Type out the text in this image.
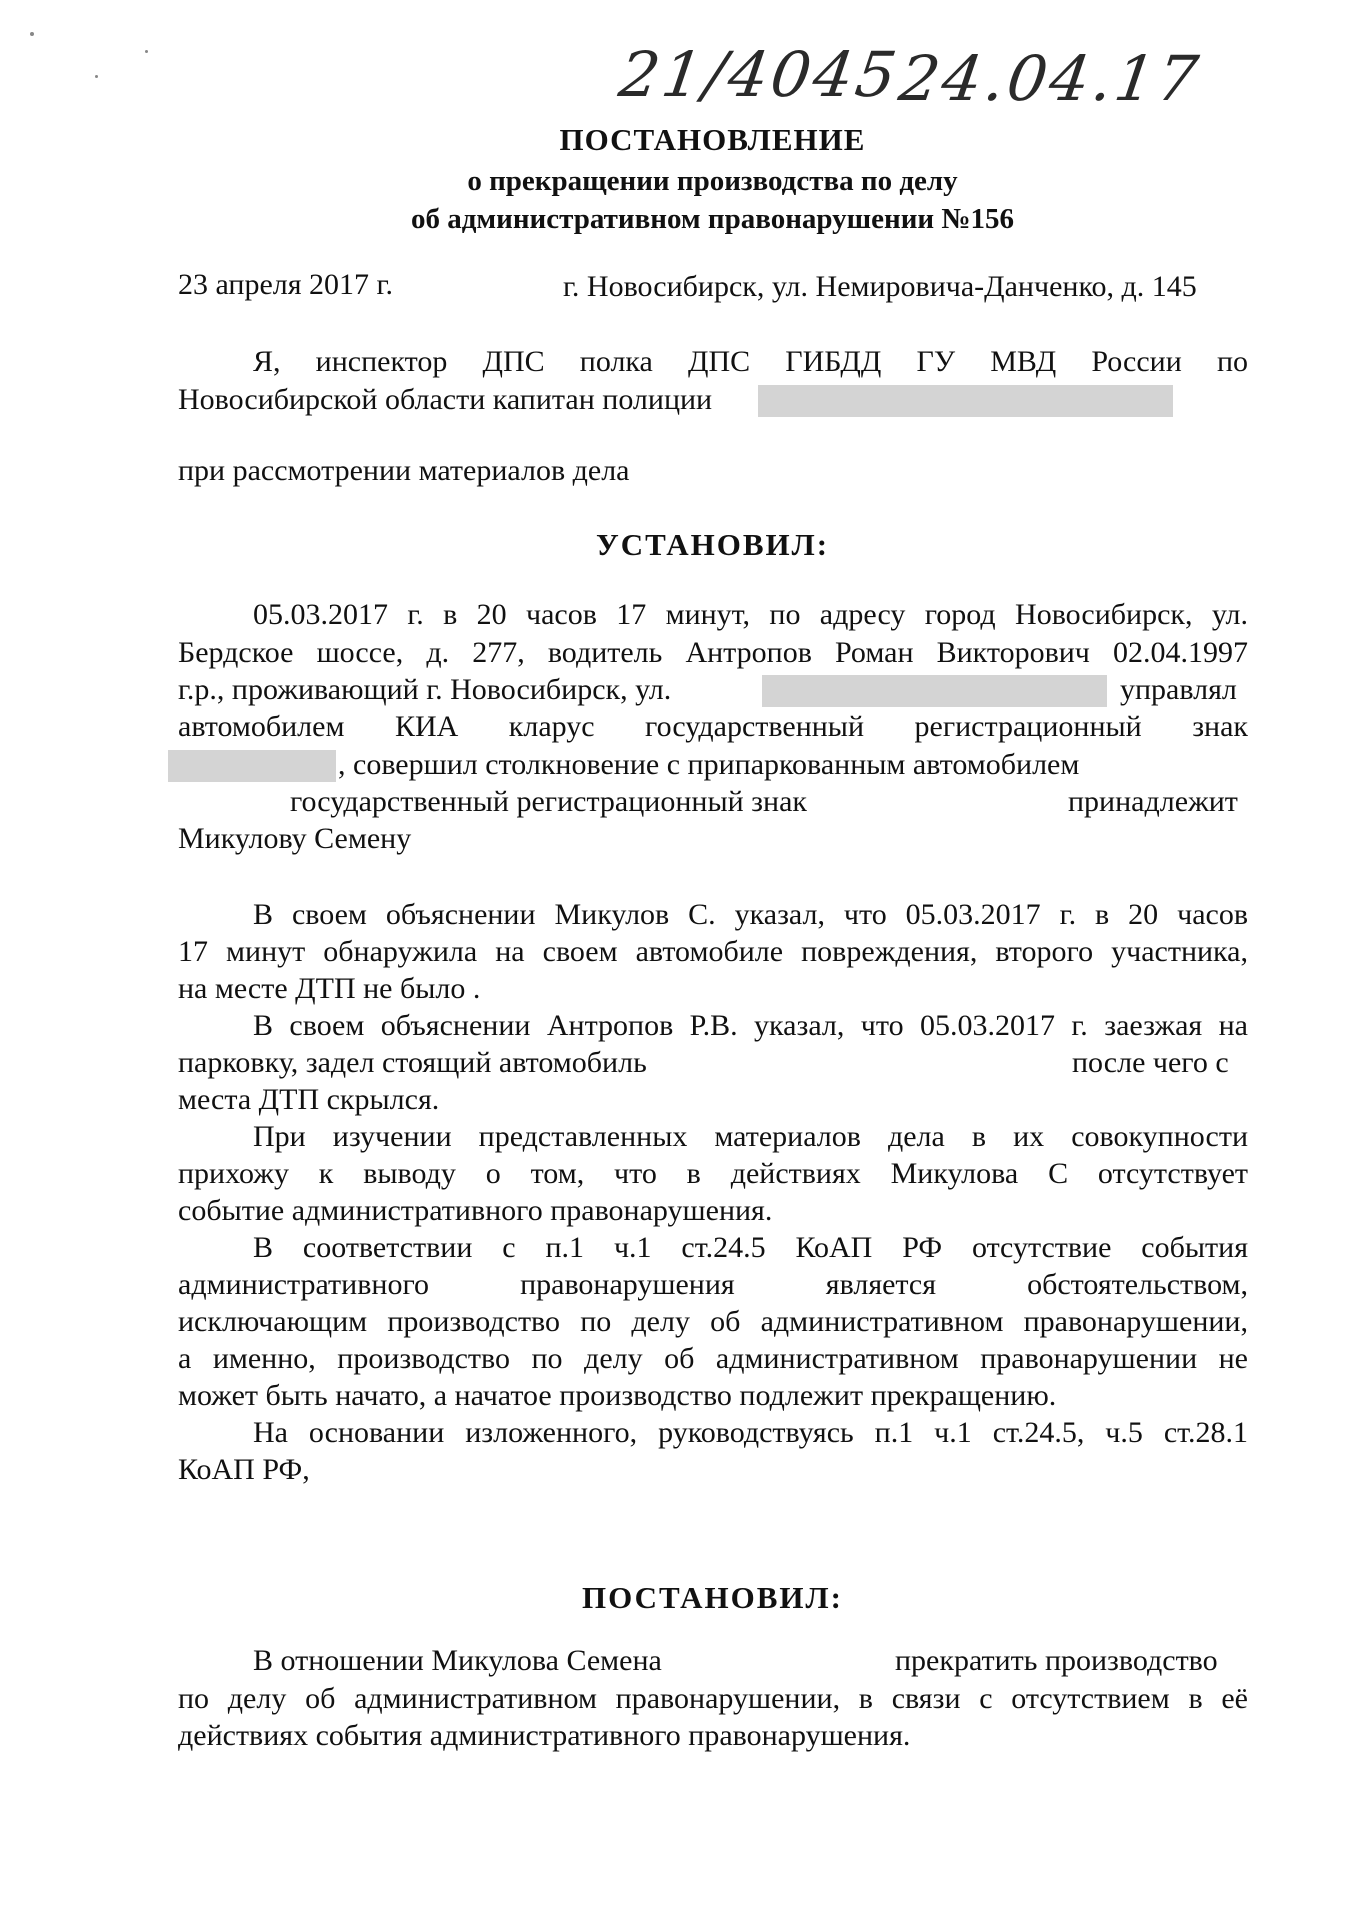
21/4045
24.04.17
ПОСТАНОВЛЕНИЕ
о прекращении производства по делу
об административном правонарушении №156
23 апреля 2017 г.	г. Новосибирск, ул. Немировича-Данченко, д. 145
Я, инспектор ДПС полка ДПС ГИБДД ГУ МВД России по
Новосибирской области капитан полиции
при рассмотрении материалов дела
УСТАНОВИЛ:
05.03.2017 г. в 20 часов 17 минут, по адресу город Новосибирск, ул.
Бердское шоссе, д. 277, водитель Антропов Роман Викторович 02.04.1997
г.р., проживающий г. Новосибирск, ул.	управлял
автомобилем КИА кларус государственный регистрационный знак
, совершил столкновение с припаркованным автомобилем
государственный регистрационный знак	принадлежит
Микулову Семену
В своем объяснении Микулов С. указал, что 05.03.2017 г. в 20 часов
17 минут обнаружила на своем автомобиле повреждения, второго участника,
на месте ДТП не было .
В своем объяснении Антропов Р.В. указал, что 05.03.2017 г. заезжая на
парковку, задел стоящий автомобиль	после чего с
места ДТП скрылся.
При изучении представленных материалов дела в их совокупности
прихожу к выводу о том, что в действиях Микулова С отсутствует
событие административного правонарушения.
В соответствии с п.1 ч.1 ст.24.5 КоАП РФ отсутствие события
административного правонарушения является обстоятельством,
исключающим производство по делу об административном правонарушении,
а именно, производство по делу об административном правонарушении не
может быть начато, а начатое производство подлежит прекращению.
На основании изложенного, руководствуясь п.1 ч.1 ст.24.5, ч.5 ст.28.1
КоАП РФ,
ПОСТАНОВИЛ:
В отношении Микулова Семена	прекратить производство
по делу об административном правонарушении, в связи с отсутствием в её
действиях события административного правонарушения.
